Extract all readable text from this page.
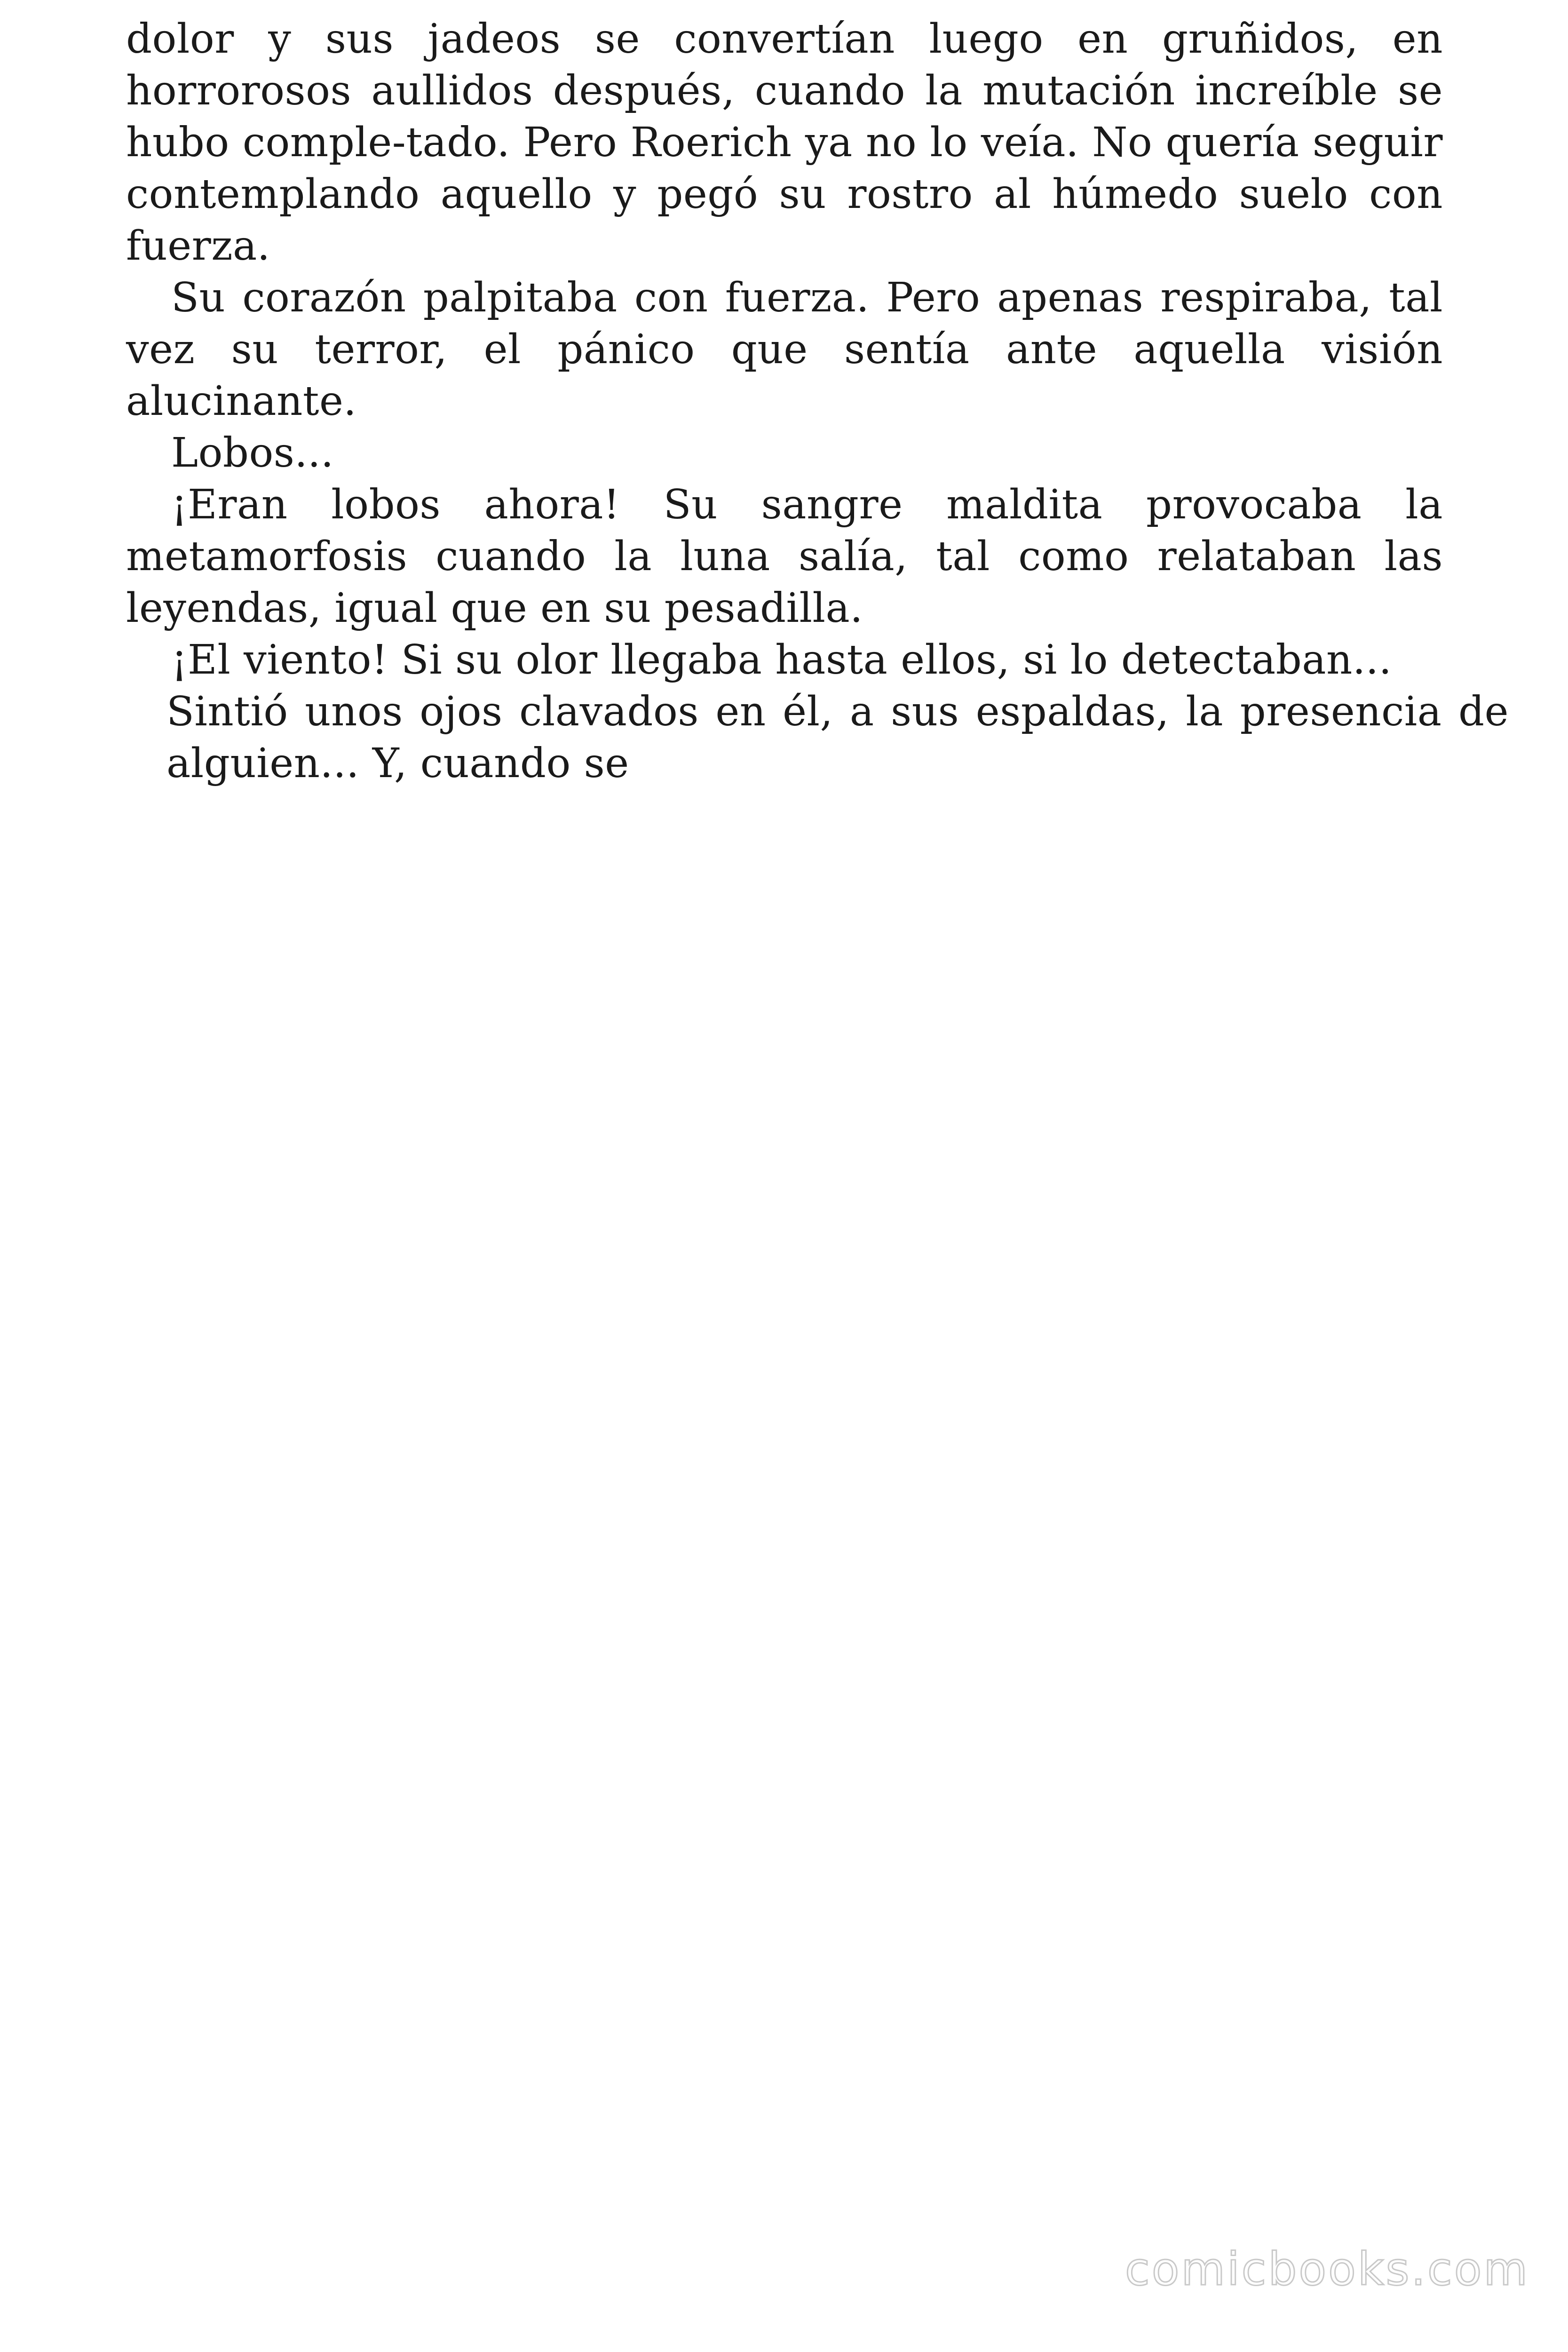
dolor y sus jadeos se convertían luego en gruñidos, en horrorosos aullidos después, cuando la mutación increíble se hubo comple-tado. Pero Roerich ya no lo veía. No quería seguir contemplando aquello y pegó su rostro al húmedo suelo con fuerza.

Su corazón palpitaba con fuerza. Pero apenas respiraba, tal vez su terror, el pánico que sentía ante aquella visión alucinante.

Lobos...

¡Eran lobos ahora! Su sangre maldita provocaba la metamorfosis cuando la luna salía, tal como relataban las leyendas, igual que en su pesadilla.

¡El viento! Si su olor llegaba hasta ellos, si lo detectaban...

Sintió unos ojos clavados en él, a sus espaldas, la presencia de alguien... Y, cuando se

comicbooks.com
